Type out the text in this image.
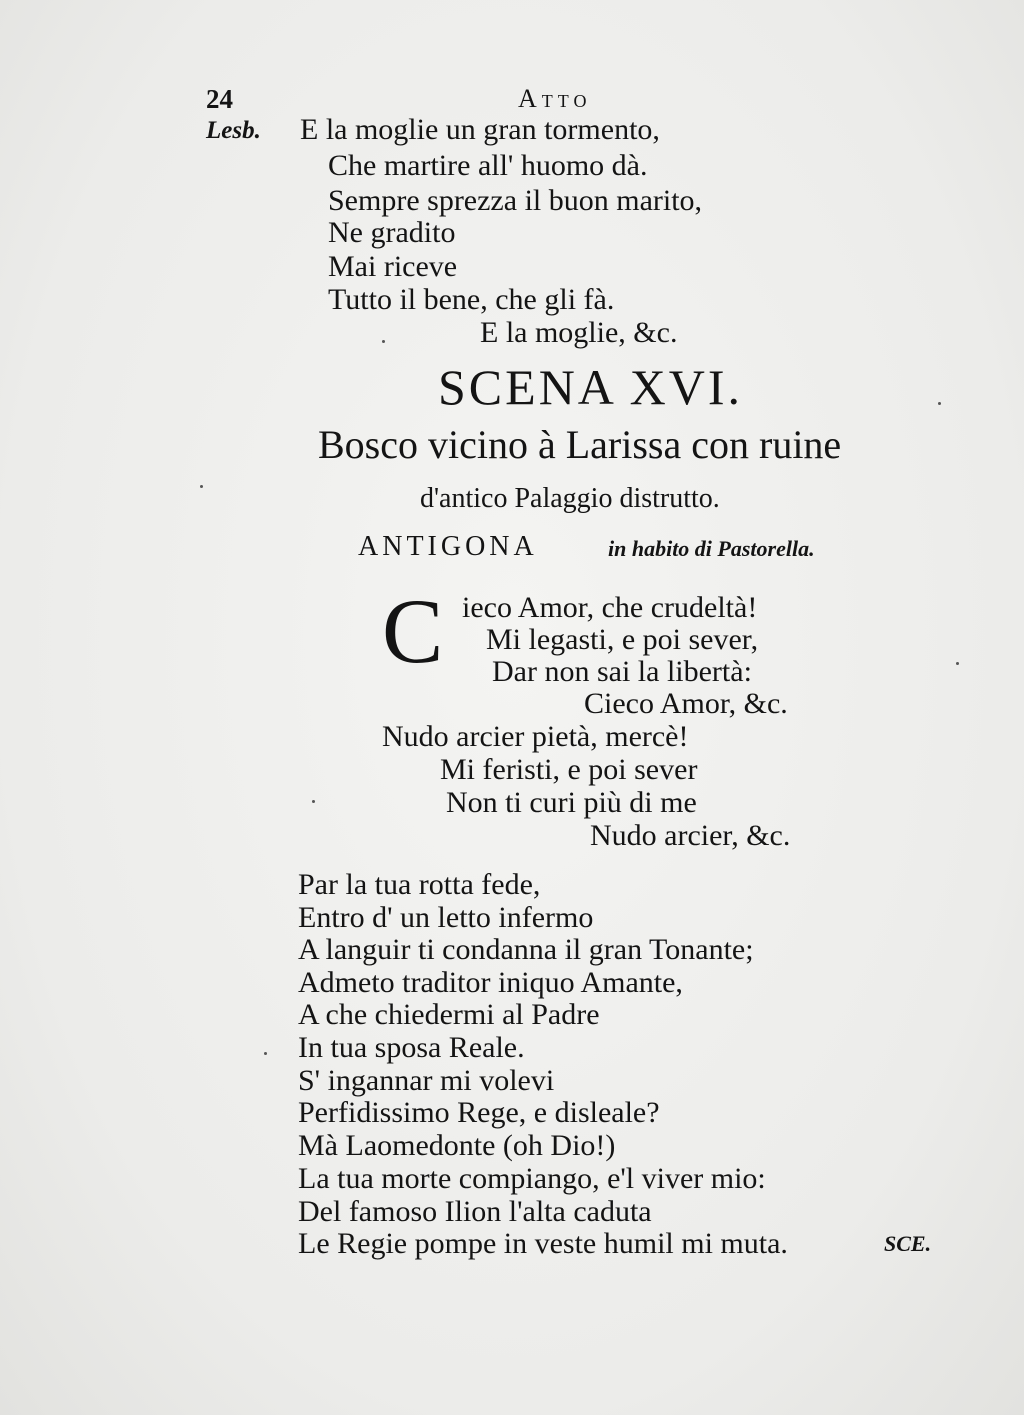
24	Atto
Lesb. E la moglie un gran tormento,
Che martire all' huomo dà.
Sempre sprezza il buon marito,
Ne gradito
Mai riceve
Tutto il bene, che gli fà.
E la moglie, &c.
SCENA XVI.
Bosco vicino à Larissa con ruine
d'antico Palaggio distrutto.
ANTIGONA	in habito di Pastorella.
C ieco Amor, che crudeltà!
Mi legasti, e poi sever,
Dar non sai la libertà:
Cieco Amor, &c.
Nudo arcier pietà, mercè!
Mi feristi, e poi sever
Non ti curi più di me
Nudo arcier, &c.
Par la tua rotta fede,
Entro d' un letto infermo
A languir ti condanna il gran Tonante;
Admeto traditor iniquo Amante,
A che chiedermi al Padre
In tua sposa Reale.
S' ingannar mi volevi
Perfidissimo Rege, e disleale?
Mà Laomedonte (oh Dio!)
La tua morte compiango, e'l viver mio:
Del famoso Ilion l'alta caduta
Le Regie pompe in veste humil mi muta.	SCE.
